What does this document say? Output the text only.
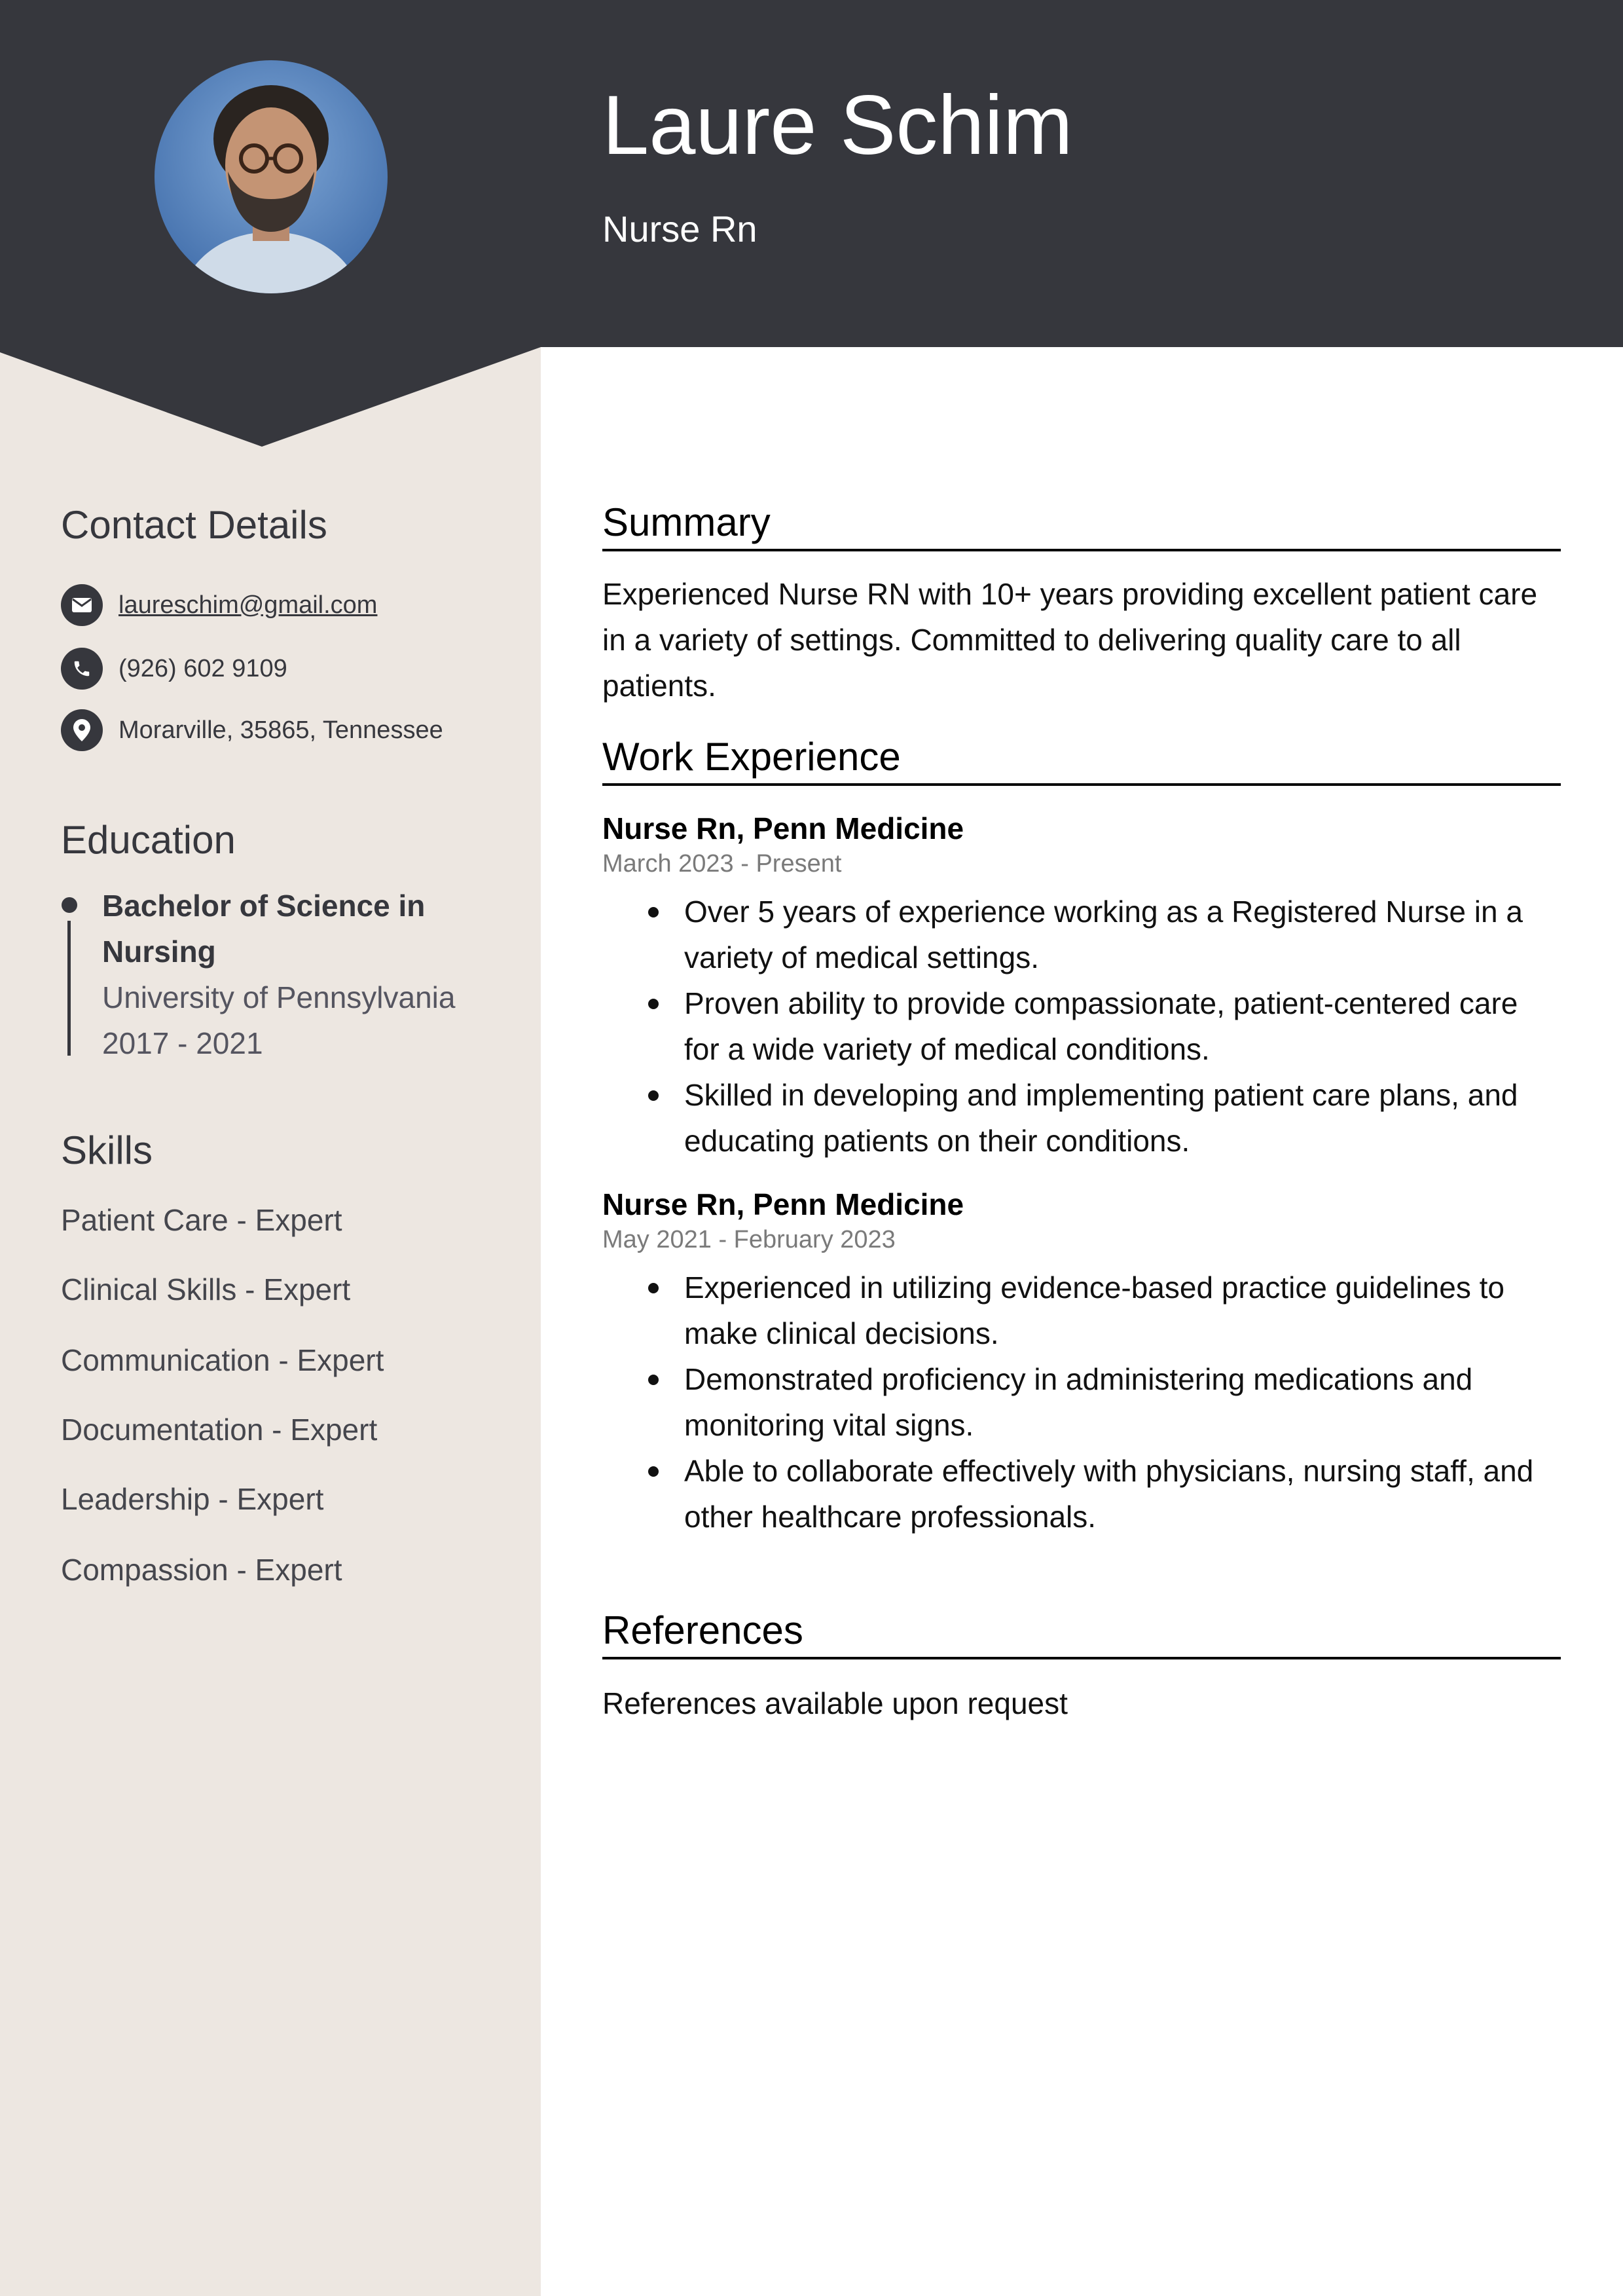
Laure Schim
Nurse Rn
Contact Details
laureschim@gmail.com
(926) 602 9109
Morarville, 35865, Tennessee
Education
Bachelor of Science in
Nursing
University of Pennsylvania
2017 - 2021
Skills
Patient Care - Expert
Clinical Skills - Expert
Communication - Expert
Documentation - Expert
Leadership - Expert
Compassion - Expert
Summary
Experienced Nurse RN with 10+ years providing excellent patient care in a variety of settings. Committed to delivering quality care to all patients.
Work Experience
Nurse Rn, Penn Medicine
March 2023 - Present
Over 5 years of experience working as a Registered Nurse in a variety of medical settings.
Proven ability to provide compassionate, patient-centered care for a wide variety of medical conditions.
Skilled in developing and implementing patient care plans, and educating patients on their conditions.
Nurse Rn, Penn Medicine
May 2021 - February 2023
Experienced in utilizing evidence-based practice guidelines to make clinical decisions.
Demonstrated proficiency in administering medications and monitoring vital signs.
Able to collaborate effectively with physicians, nursing staff, and other healthcare professionals.
References
References available upon request
